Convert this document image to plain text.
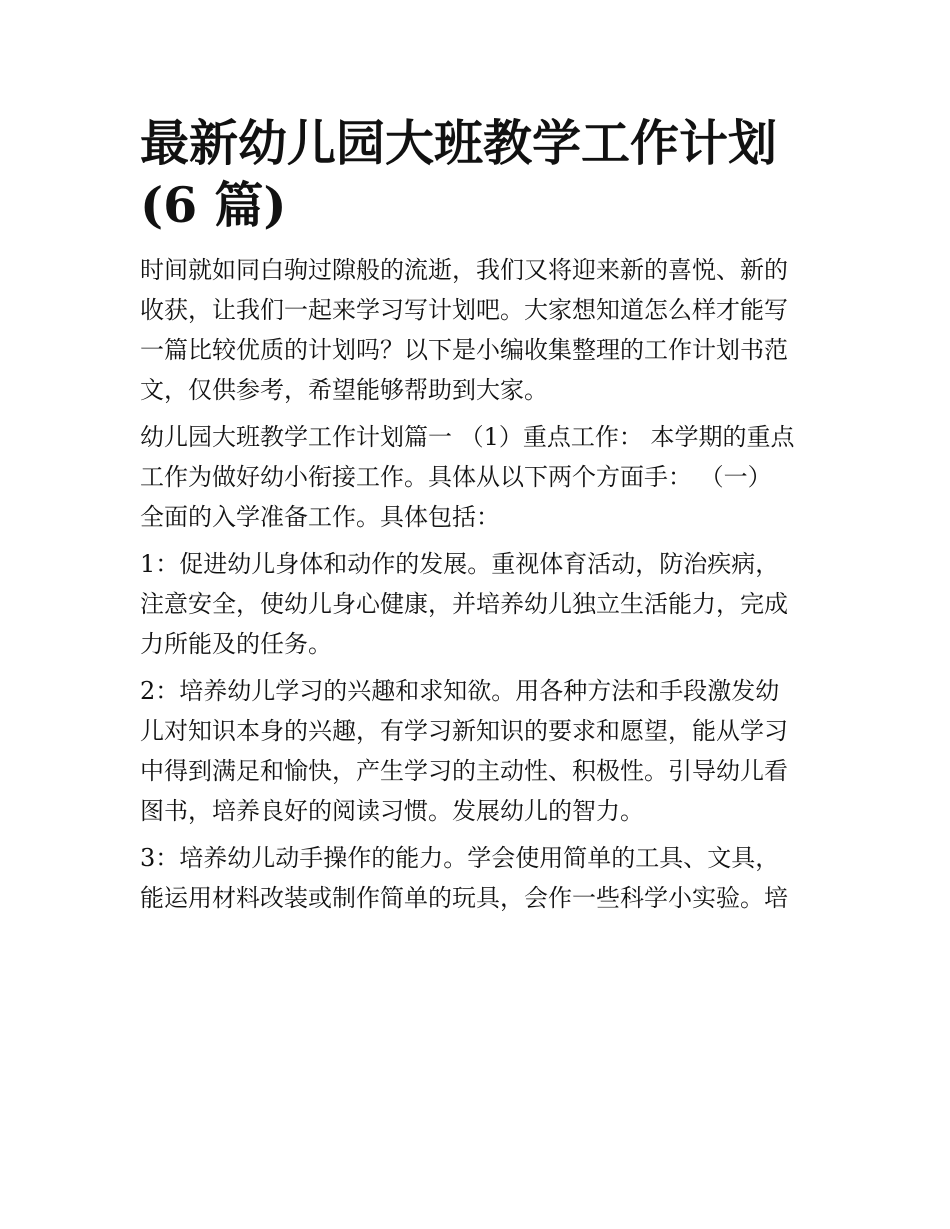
最新幼儿园大班教学工作计划
(6 篇)
时间就如同白驹过隙般的流逝，我们又将迎来新的喜悦、新的
收获，让我们一起来学习写计划吧。大家想知道怎么样才能写
一篇比较优质的计划吗？以下是小编收集整理的工作计划书范
文，仅供参考，希望能够帮助到大家。
幼儿园大班教学工作计划篇一 （1）重点工作： 本学期的重点
工作为做好幼小衔接工作。具体从以下两个方面手： （一）
全面的入学准备工作。具体包括：
1：促进幼儿身体和动作的发展。重视体育活动，防治疾病，
注意安全，使幼儿身心健康，并培养幼儿独立生活能力，完成
力所能及的任务。
2：培养幼儿学习的兴趣和求知欲。用各种方法和手段激发幼
儿对知识本身的兴趣，有学习新知识的要求和愿望，能从学习
中得到满足和愉快，产生学习的主动性、积极性。引导幼儿看
图书，培养良好的阅读习惯。发展幼儿的智力。
3：培养幼儿动手操作的能力。学会使用简单的工具、文具，
能运用材料改装或制作简单的玩具，会作一些科学小实验。培
